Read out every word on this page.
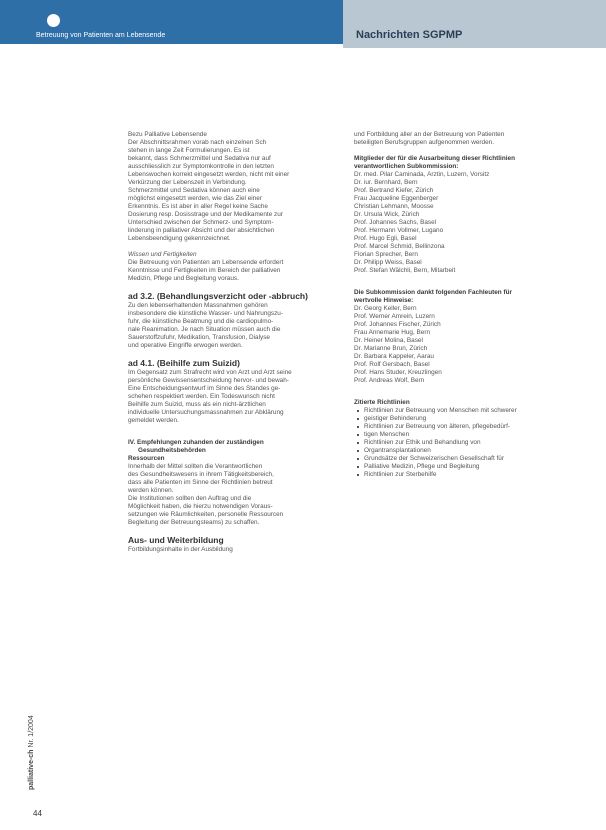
Betreuung von Patienten am Lebensende	Nachrichten SGPMP

Bezu Palliative Lebensende

Der Abschnittsrahmen vorab nach einzelnen Sch

stehen in lange Zeit Formulierungen. Es ist

bekannt, dass Schmerzmittel und Sedativa nur auf

ausschliesslich zur Symptomkontrolle in den letzten

Lebenswochen korrekt eingesetzt werden, nicht mit einer

Verkürzung der Lebenszeit in Verbindung.

Schmerzmittel und Sedativa können auch eine

möglichst eingesetzt werden, wie das Ziel einer

Erkenntnis. Es ist aber in aller Regel keine Sache

Dosierung resp. Dosisstrage und der Medikamente zur

Unterschied zwischen der Schmerz- und Symptom-

linderung in palliativer Absicht und der absichtlichen

Lebensbeendigung gekennzeichnet.

Wissen und Fertigkeiten

Die Betreuung von Patienten am Lebensende erfordert

Kenntnisse und Fertigkeiten im Bereich der palliativen

Medizin, Pflege und Begleitung voraus.

ad 3.2. (Behandlungsverzicht oder -abbruch)

Zu den lebenserhaltenden Massnahmen gehören

insbesondere die künstliche Wasser- und Nahrungszu-

fuhr, die künstliche Beatmung und die cardiopulmo-

nale Reanimation. Je nach Situation müssen auch die

Sauerstoffzufuhr, Medikation, Transfusion, Dialyse

und operative Eingriffe erwogen werden.

ad 4.1. (Beihilfe zum Suizid)

Im Gegensatz zum Strafrecht wird von Arzt und Arzt seine

persönliche Gewissensentscheidung hervor- und bewah-

Eine Entscheidungsentwurf im Sinne des Standes ge-

schehen respektiert werden. Ein Todeswunsch nicht

Beihilfe zum Suizid, muss als ein nicht-ärztlichen

individuelle Untersuchungsmassnahmen zur Abklärung

gemeldet werden.

IV. Empfehlungen zuhanden der zuständigen

Gesundheitsbehörden

Ressourcen

Innerhalb der Mittel sollten die Verantwortlichen

des Gesundheitswesens in ihrem Tätigkeitsbereich,

dass alle Patienten im Sinne der Richtlinien betreut

werden können.

Die Institutionen sollten den Auftrag und die

Möglichkeit haben, die hierzu notwendigen Voraus-

setzungen wie Räumlichkeiten, personelle Ressourcen

Begleitung der Betreuungsteams) zu schaffen.

Aus- und Weiterbildung

Fortbildungsinhalte in der Ausbildung

und Fortbildung aller an der Betreuung von Patienten

beteiligten Berufsgruppen aufgenommen werden.

Mitglieder der für die Ausarbeitung dieser Richtlinien

verantwortlichen Subkommission:

Dr. med. Pilar Caminada, Ärztin, Luzern, Vorsitz

Dr. iur. Bernhard, Bern

Prof. Bertrand Kiefer, Zürich

Frau Jacqueline Eggenberger

Christian Lehmann, Moosse

Dr. Ursula Wick, Zürich

Prof. Johannes Sachs, Basel

Prof. Hermann Vollmer, Lugano

Prof. Hugo Egli, Basel

Prof. Marcel Schmid, Bellinzona

Florian Sprecher, Bern

Dr. Philipp Weiss, Basel

Prof. Stefan Wälchli, Bern, Mitarbeit

Die Subkommission dankt folgenden Fachleuten für

wertvolle Hinweise:

Dr. Georg Keller, Bern

Prof. Werner Amrein, Luzern

Prof. Johannes Fischer, Zürich

Frau Annemarie Hug, Bern

Dr. Heiner Molina, Basel

Dr. Marianne Brun, Zürich

Dr. Barbara Kappeler, Aarau

Prof. Rolf Gersbach, Basel

Prof. Hans Studer, Kreuzlingen

Prof. Andreas Wolf, Bern

Zitierte Richtlinien

Richtlinien zur Betreuung von Menschen mit schwerer

geistiger Behinderung

Richtlinien zur Betreuung von älteren, pflegebedürf-

tigen Menschen

Richtlinien zur Ethik und Behandlung von

Organtransplantationen

Grundsätze der Schweizerischen Gesellschaft für

Palliative Medizin, Pflege und Begleitung

Richtlinien zur Sterbehilfe

palliative-ch Nr. 1/2004
44
